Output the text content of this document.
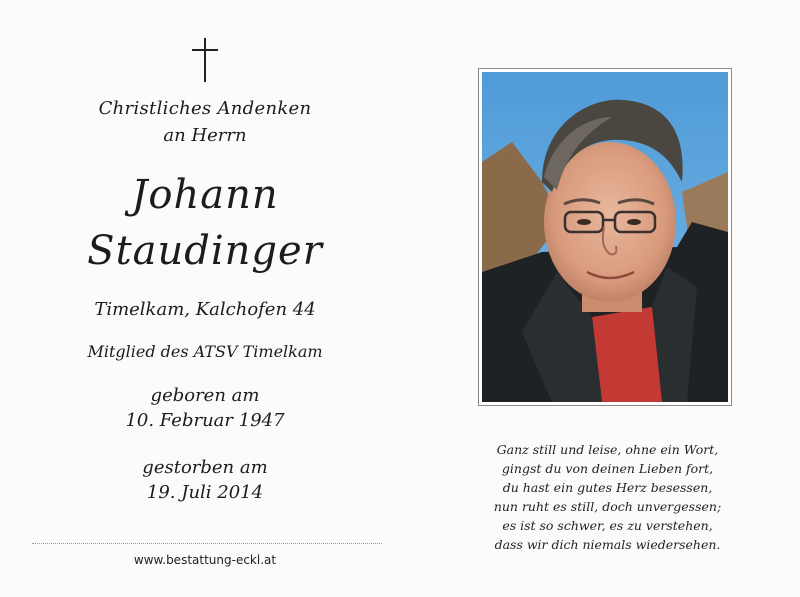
Christliches Andenken
an Herrn
Johann
Staudinger
Timelkam, Kalchofen 44
Mitglied des ATSV Timelkam
geboren am
10. Februar 1947
gestorben am
19. Juli 2014
www.bestattung-eckl.at
Ganz still und leise, ohne ein Wort,
gingst du von deinen Lieben fort,
du hast ein gutes Herz besessen,
nun ruht es still, doch unvergessen;
es ist so schwer, es zu verstehen,
dass wir dich niemals wiedersehen.
